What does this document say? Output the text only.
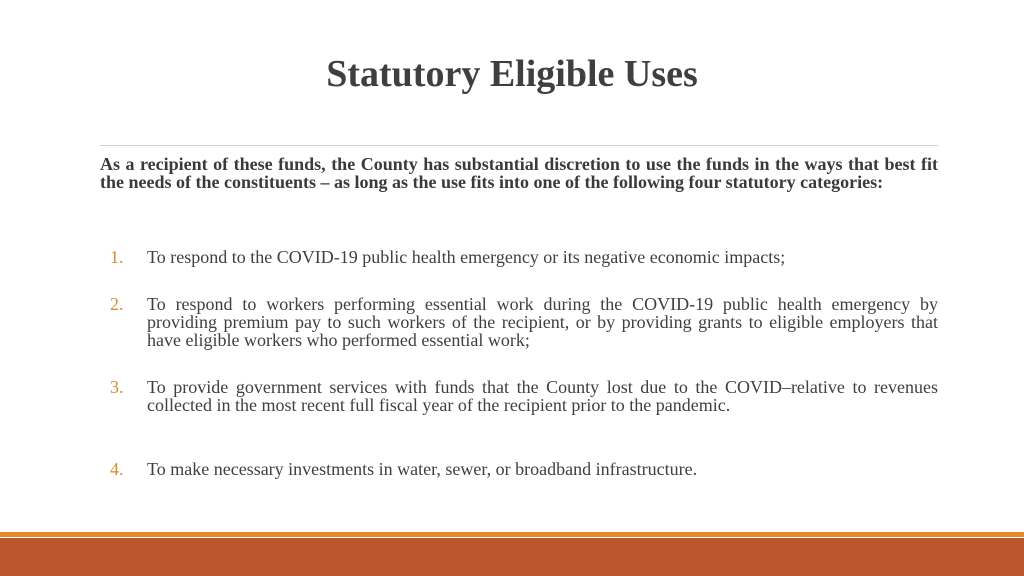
Statutory Eligible Uses

As a recipient of these funds, the County has substantial discretion to use the funds in the ways that best fit the needs of the constituents – as long as the use fits into one of the following four statutory categories:

1. To respond to the COVID-19 public health emergency or its negative economic impacts;
2. To respond to workers performing essential work during the COVID-19 public health emergency by providing premium pay to such workers of the recipient, or by providing grants to eligible employers that have eligible workers who performed essential work;
3. To provide government services with funds that the County lost due to the COVID–relative to revenues collected in the most recent full fiscal year of the recipient prior to the pandemic.
4. To make necessary investments in water, sewer, or broadband infrastructure.
